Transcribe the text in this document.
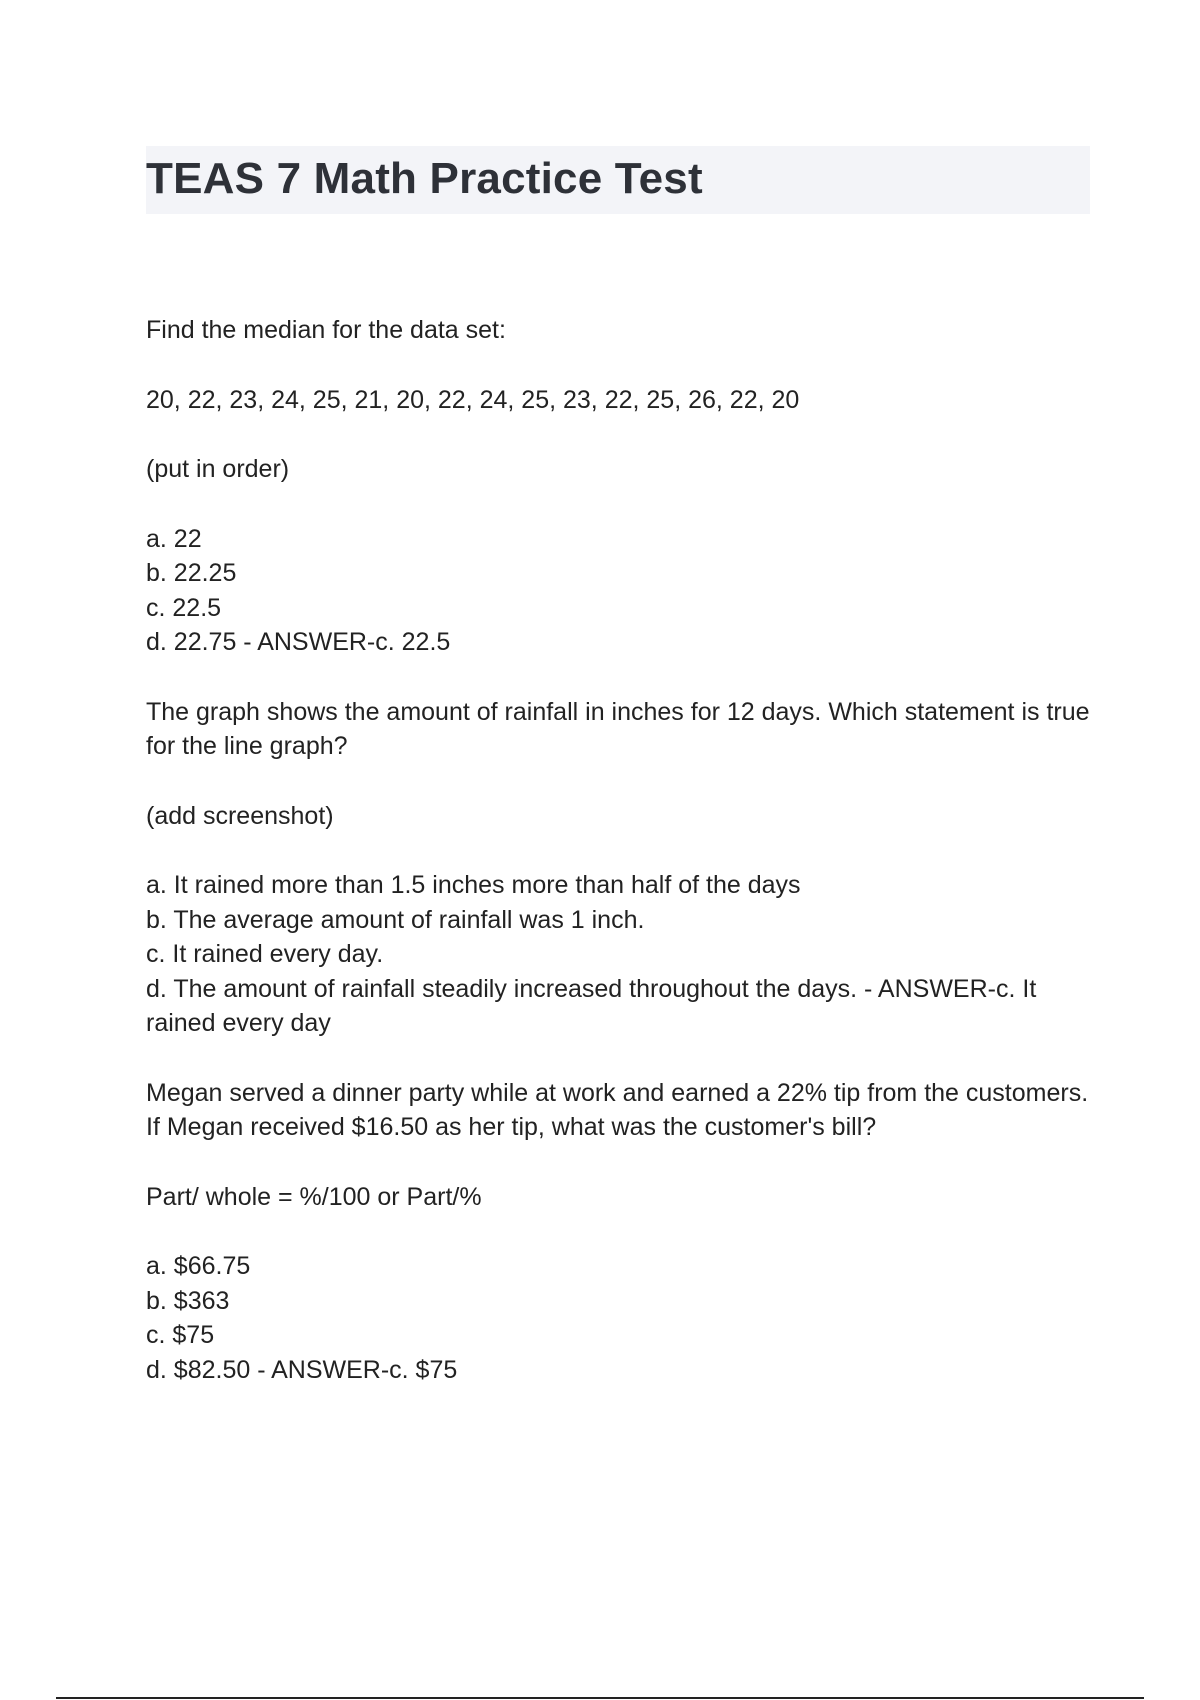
TEAS 7 Math Practice Test

Find the median for the data set:

20, 22, 23, 24, 25, 21, 20, 22, 24, 25, 23, 22, 25, 26, 22, 20

(put in order)

a. 22

b. 22.25

c. 22.5

d. 22.75 - ANSWER-c. 22.5

The graph shows the amount of rainfall in inches for 12 days. Which statement is true for the line graph?

(add screenshot)

a. It rained more than 1.5 inches more than half of the days

b. The average amount of rainfall was 1 inch.

c. It rained every day.

d. The amount of rainfall steadily increased throughout the days. - ANSWER-c. It rained every day

Megan served a dinner party while at work and earned a 22% tip from the customers. If Megan received $16.50 as her tip, what was the customer's bill?

Part/ whole = %/100 or Part/%

a. $66.75

b. $363

c. $75

d. $82.50 - ANSWER-c. $75
